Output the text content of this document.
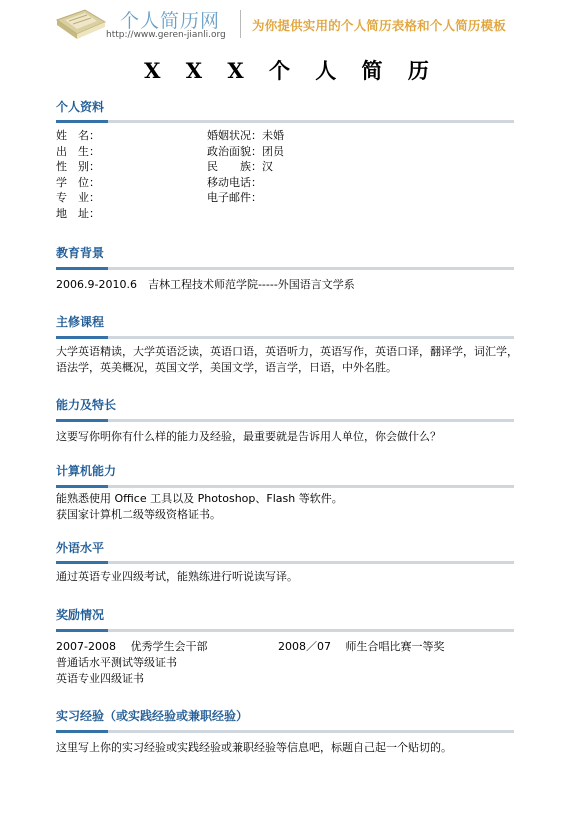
个人简历网
http://www.geren-jianli.org
为你提供实用的个人简历表格和个人简历模板
X X X 个 人 简 历
个人资料
姓　名：
出　生：
性　别：
学　位：
专　业：
地　址：
婚姻状况：未婚
政治面貌：团员
民　　族：汉
移动电话：
电子邮件：
教育背景
2006.9-2010.6　吉林工程技术师范学院-----外国语言文学系
主修课程
大学英语精读，大学英语泛读，英语口语，英语听力，英语写作，英语口译，翻译学，词汇学，语法学，英美概况，英国文学，美国文学，语言学，日语，中外名胜。
能力及特长
这要写你明你有什么样的能力及经验，最重要就是告诉用人单位，你会做什么？
计算机能力
能熟悉使用 Office 工具以及 Photoshop、Flash 等软件。
获国家计算机二级等级资格证书。
外语水平
通过英语专业四级考试，能熟练进行听说读写译。
奖励情况
2007-2008　 优秀学生会干部	2008／07　 师生合唱比赛一等奖
普通话水平测试等级证书
英语专业四级证书
实习经验（或实践经验或兼职经验）
这里写上你的实习经验或实践经验或兼职经验等信息吧，标题自己起一个贴切的。
